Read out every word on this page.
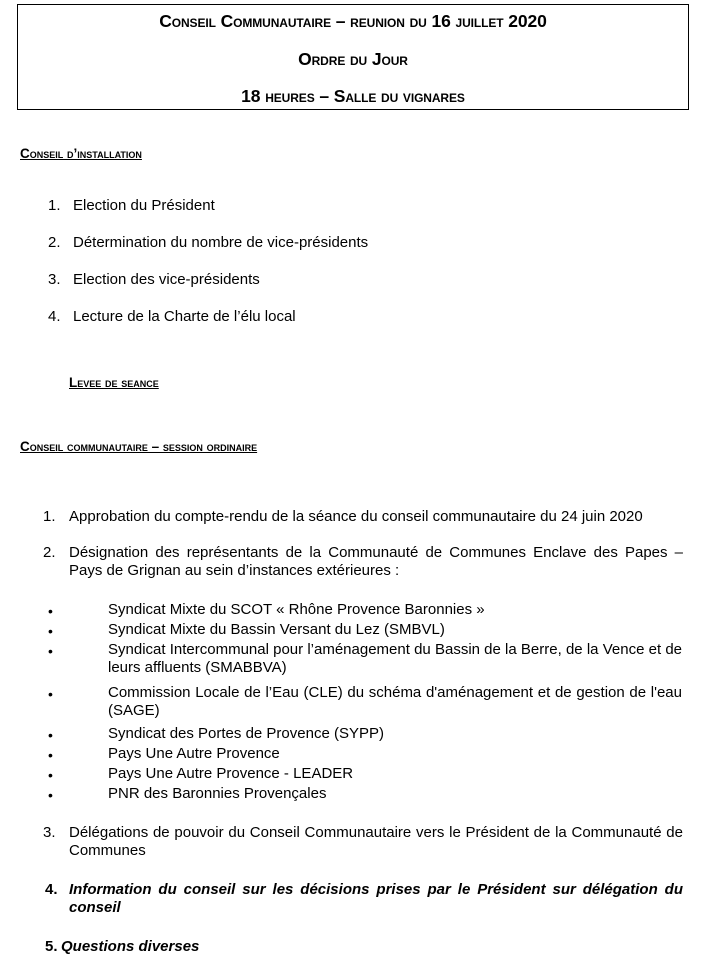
Conseil Communautaire – reunion du 16 juillet 2020
Ordre du Jour
18 heures – Salle du vignares
Conseil d’installation
1. Election du Président
2. Détermination du nombre de vice-présidents
3. Election des vice-présidents
4. Lecture de la Charte de l’élu local
Levee de seance
Conseil communautaire – session ordinaire
1. Approbation du compte-rendu de la séance du conseil communautaire du 24 juin 2020
2. Désignation des représentants de la Communauté de Communes Enclave des Papes – Pays de Grignan au sein d’instances extérieures :
•	Syndicat Mixte du SCOT « Rhône Provence Baronnies »
•	Syndicat Mixte du Bassin Versant du Lez (SMBVL)
•	Syndicat Intercommunal pour l’aménagement du Bassin de la Berre, de la Vence et de leurs affluents (SMABBVA)
•	Commission Locale de l’Eau (CLE) du schéma d'aménagement et de gestion de l'eau (SAGE)
•	Syndicat des Portes de Provence (SYPP)
•	Pays Une Autre Provence
•	Pays Une Autre Provence - LEADER
•	PNR des Baronnies Provençales
3. Délégations de pouvoir du Conseil Communautaire vers le Président de la Communauté de Communes
4. Information du conseil sur les décisions prises par le Président sur délégation du conseil
5. Questions diverses
